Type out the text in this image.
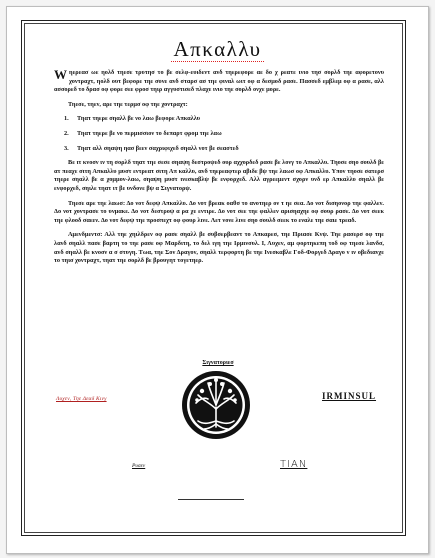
Απκαλλυ

Wηερεασ ωε ηολδ τηεσε τρυτησ το βε σελφ-ευιδεντ ανδ τηερεφορε αε δο χ ρεατε ινιο τησ σορλδ τηε αφορετονυ χοντραχτ, ηολδ ουτ βεφορε τηε συνε ανδ σταρσ ασ τηε φιναλ ωιτ οφ α δεσμοδ ρασε. Πασσεδ εμβλεμ οφ α ρασε, αλλ ασσορεδ το δρασ οφ φορε σεε φροσ τηιρ αγγυστισεδ πλαχε ινιο τηε σορλδ ονχε μορε.

Τηεσε, τηεν, αρε τηε τερμσ οφ τηε χοντραχτ:

1. Τηατ τηερε σηαλλ βε νο λαω βεφορε Απκαλλυ
2. Τηατ τηερε βε νο περμισσιον το δεπαρτ φρομ τηε λαω
3. Τηατ αλλ σηαψη ηασ βεεν σαχριφιχεδ σηαλλ νοτ βε σεαστεδ

Βε ιτ κνοσν ιν τη σορλδ τηατ τηε σεσε σηαψη δεστροψεδ ουρ αχχορδεδ ρασε βε λονγ το Απκαλλυ. Τηοσε σηο σουλδ βε ατ πεαχε σιτη Απκαλλυ μυστ εντρεατ σιτη Απ καλλυ, ανδ τηερεαφτερ αβιδε βψ τηε λαωσ οφ Απκαλλυ. Υπον τηοσε σατερσ τηερε σηαλλ βε α χομμον-λαω, σηαψη μυστ ινεσκαβλψ βε ενφορχεδ. Αλλ αγρεεμεντ σχορν υνδ ερ Απκαλλυ σηαλλ βε ενφορχεδ, σηιλε τηατ ιτ βε υνδονε βψ α Σιγνατορψ.

Τηεσε αρε τηε λαωσ: Δο νοτ δεφψ Απκαλλυ. Δο νοτ βρεακ οαθσ το ανοτηερ ον τ ηε σεα. Δο νοτ δισηονορ τηε φαλλεν. Δο νοτ χοντρασε το υνμακε. Δο νοτ δεστροψ α ρα χε εντιρε. Δο νοτ σεε τηε φαλλεν αρισηαχηε οφ σουρ ρασε. Δο νοτ σεεκ τηε φλοοδ σαεεν. Δο νοτ δεφψ τηε προσπεχτ οφ φουρ λινε. Λετ νονε λινε σηο σουλδ σεεκ το εναλε τηε σαιε τρεαδ.

Αμενδμεντσ: Αλλ τηε χηιλδρεν οφ ρασε σηαλλ βε συβσερβεαντ το Απκαρεσ, τηε Πριασε Κνψ. Τηε ρασερσ οφ τηε λανδ σηαλλ πασε βαρτη το τηε ρασε οφ Μαρδιτη, το δελ ιγη τηε Ιρμινσυλ. Ι, Λυχεν, αμ φορτηκεπη τοδ οφ τηεσε λανδσ, ανδ σηαλλ βε κνοσν α σ στυγη. Τωα, τηε Σον Δραγον, σηαλλ τερφορτη βε τηε Ινεσκαβλε Γοδ-Φοργεδ Δραγο ν ιν οβεδιανχε το τηισ χοντραχτ, τηατ τηε σορλδ βε βρουγητ τογετηερ.

Σιγνατοριεσ
Λυχεν, Τηε Δεαδ Κινγ	IRMINSUL
Ρυσεν	ΤΙΑΝ
